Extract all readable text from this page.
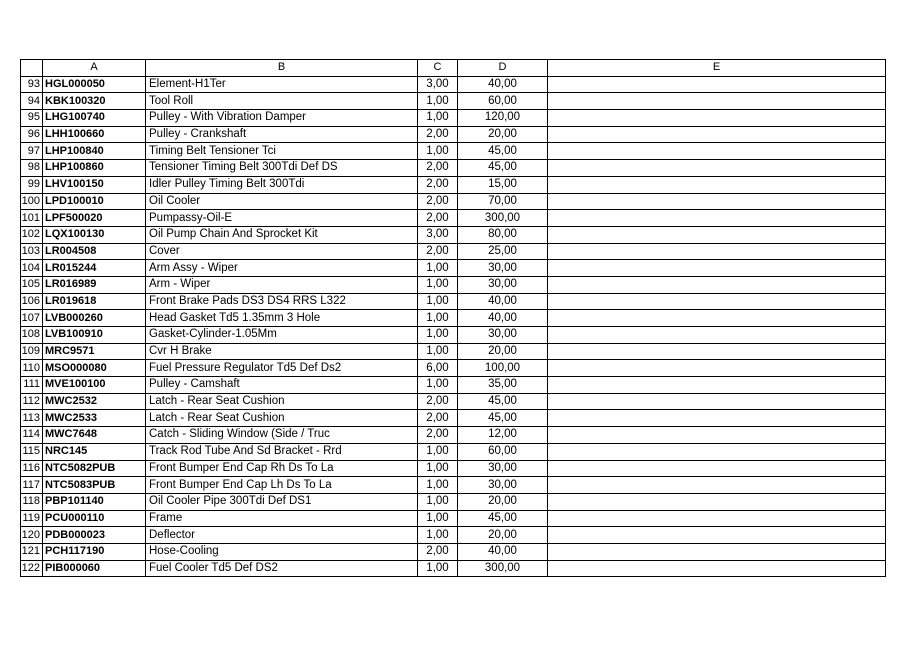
	A	B	C	D	E
93	HGL000050	Element-H1Ter	3,00	40,00	
94	KBK100320	Tool Roll	1,00	60,00	
95	LHG100740	Pulley - With Vibration Damper	1,00	120,00	
96	LHH100660	Pulley - Crankshaft	2,00	20,00	
97	LHP100840	Timing Belt Tensioner Tci	1,00	45,00	
98	LHP100860	Tensioner Timing Belt 300Tdi Def DS	2,00	45,00	
99	LHV100150	Idler Pulley Timing Belt 300Tdi	2,00	15,00	
100	LPD100010	Oil Cooler	2,00	70,00	
101	LPF500020	Pumpassy-Oil-E	2,00	300,00	
102	LQX100130	Oil Pump Chain And Sprocket Kit	3,00	80,00	
103	LR004508	Cover	2,00	25,00	
104	LR015244	Arm Assy - Wiper	1,00	30,00	
105	LR016989	Arm - Wiper	1,00	30,00	
106	LR019618	Front Brake Pads DS3 DS4 RRS L322	1,00	40,00	
107	LVB000260	Head Gasket Td5 1.35mm 3 Hole	1,00	40,00	
108	LVB100910	Gasket-Cylinder-1.05Mm	1,00	30,00	
109	MRC9571	Cvr H Brake	1,00	20,00	
110	MSO000080	Fuel Pressure Regulator Td5 Def Ds2	6,00	100,00	
111	MVE100100	Pulley - Camshaft	1,00	35,00	
112	MWC2532	Latch - Rear Seat Cushion	2,00	45,00	
113	MWC2533	Latch - Rear Seat Cushion	2,00	45,00	
114	MWC7648	Catch - Sliding Window (Side / Truc	2,00	12,00	
115	NRC145	Track Rod Tube And Sd Bracket - Rrd	1,00	60,00	
116	NTC5082PUB	Front Bumper End Cap Rh Ds To La	1,00	30,00	
117	NTC5083PUB	Front Bumper End Cap Lh Ds To La	1,00	30,00	
118	PBP101140	Oil Cooler Pipe 300Tdi Def DS1	1,00	20,00	
119	PCU000110	Frame	1,00	45,00	
120	PDB000023	Deflector	1,00	20,00	
121	PCH117190	Hose-Cooling	2,00	40,00	
122	PIB000060	Fuel Cooler Td5 Def DS2	1,00	300,00	
